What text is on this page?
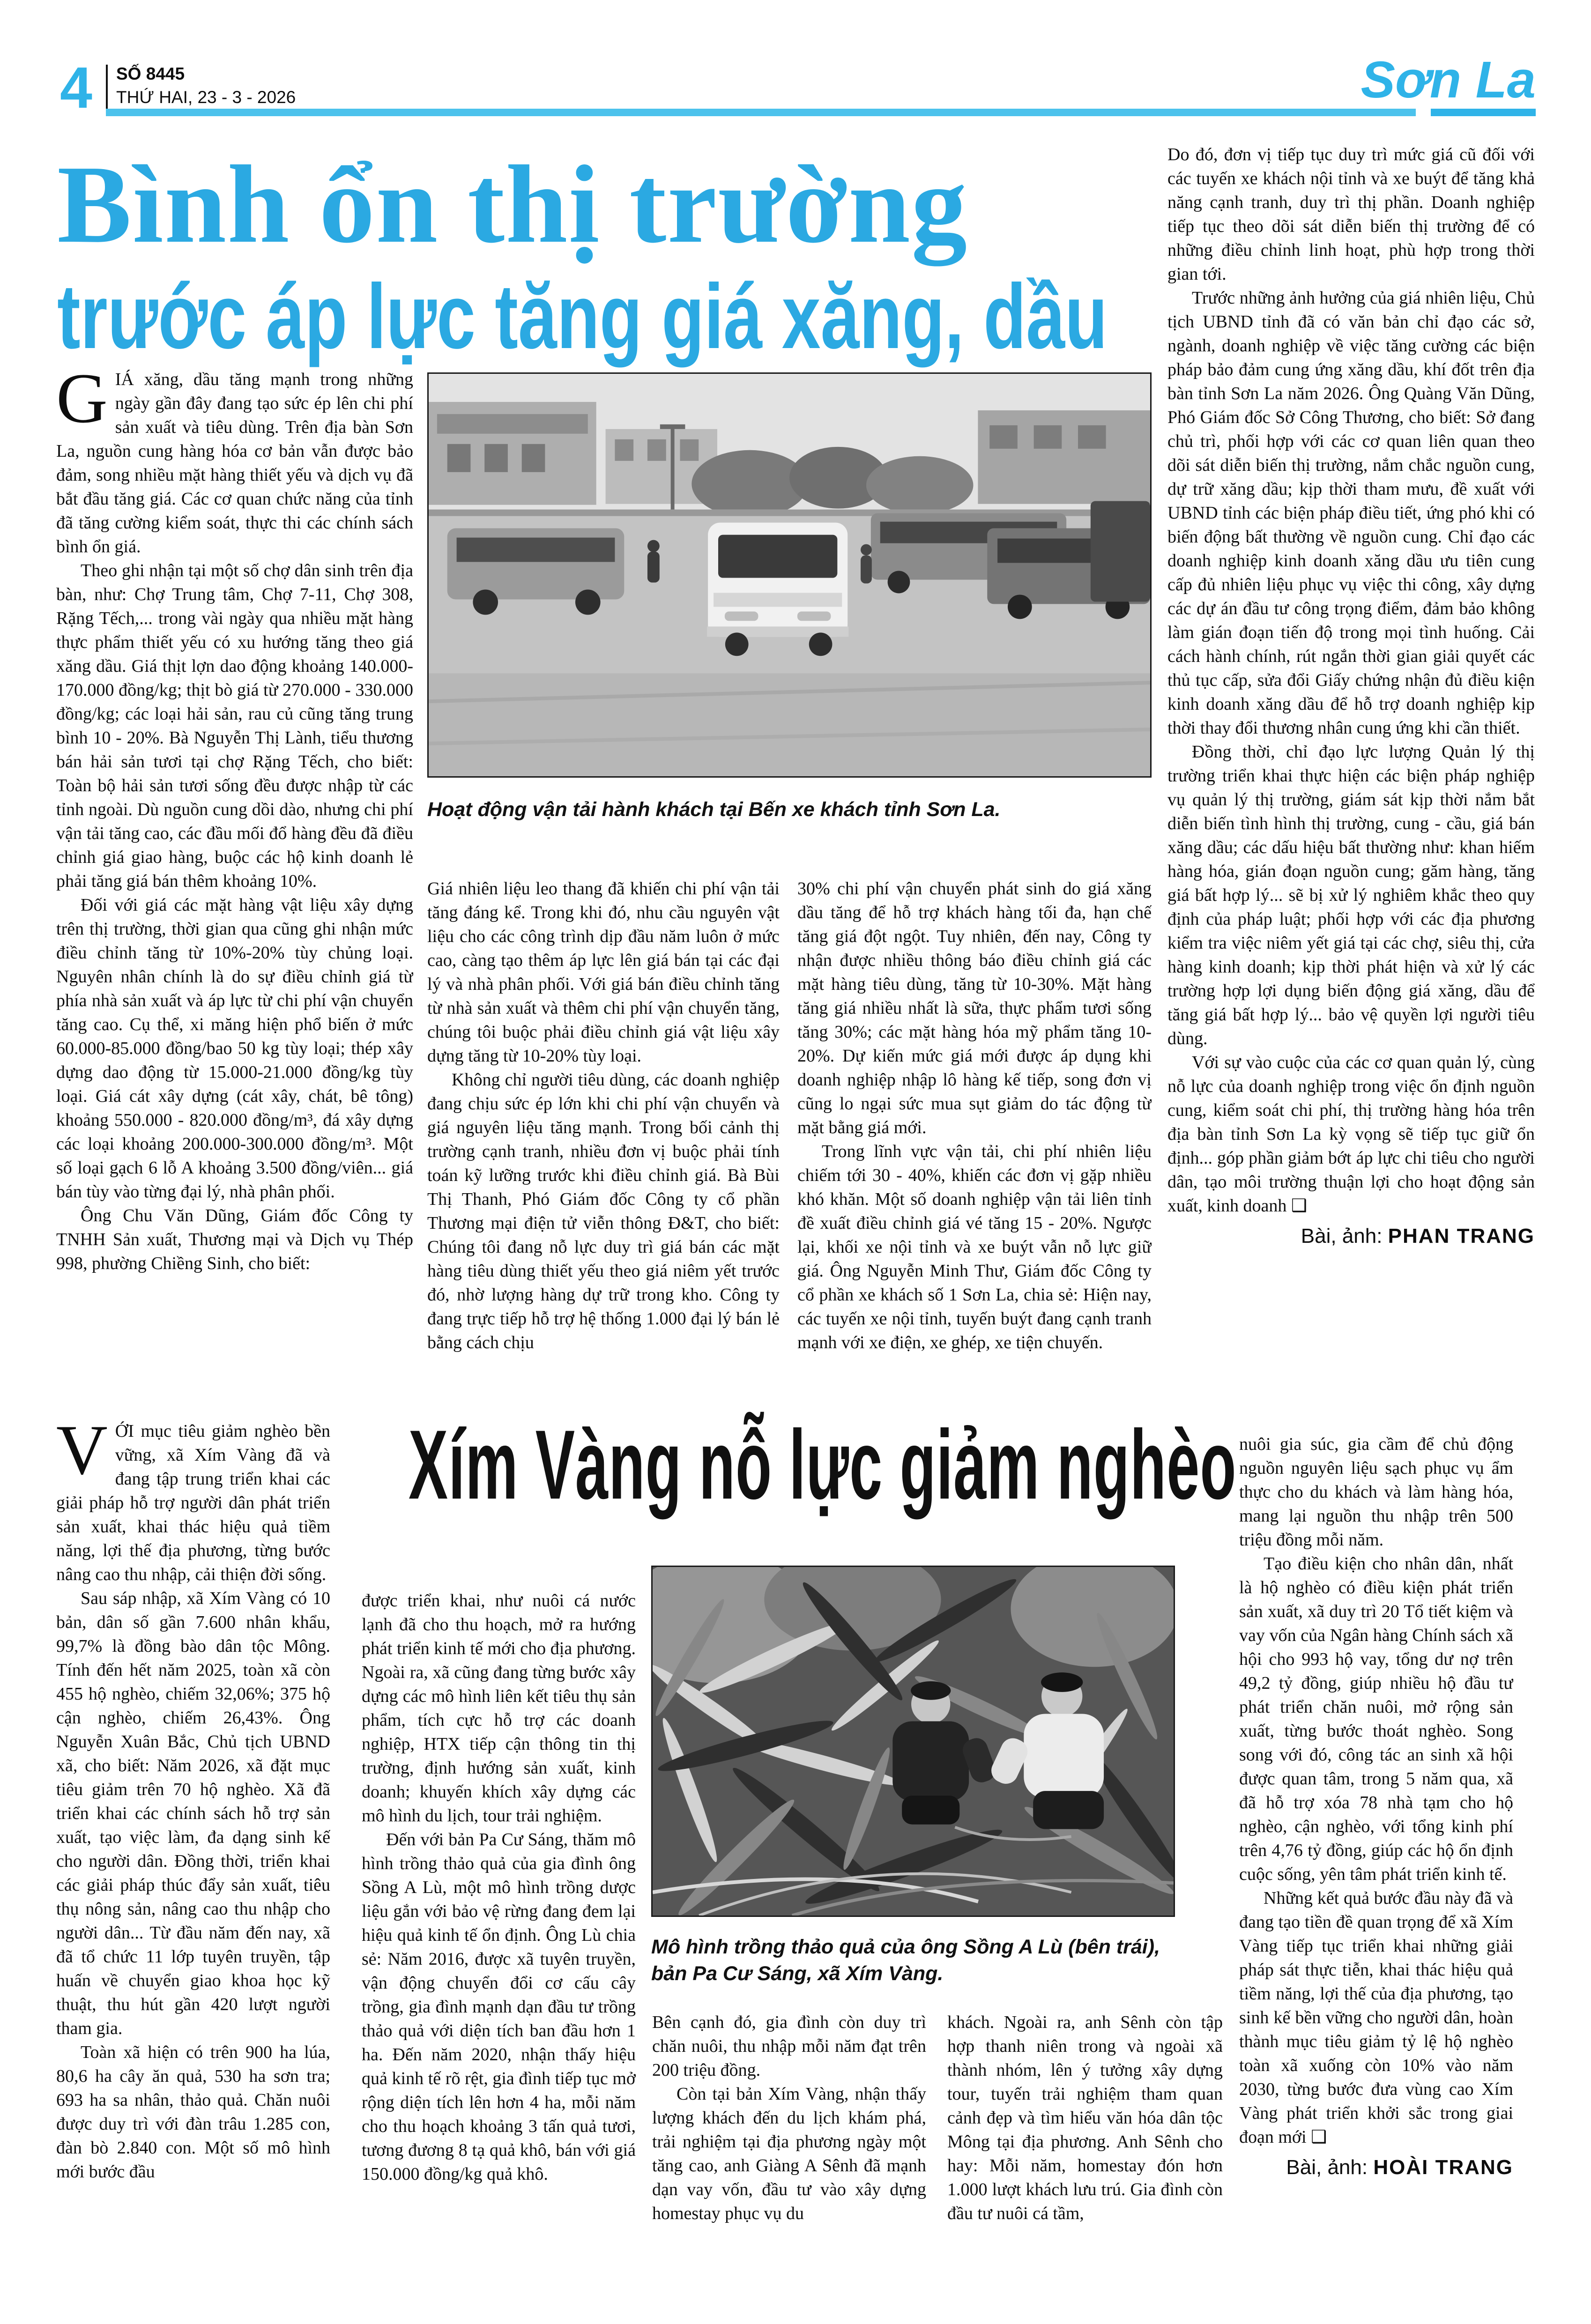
4 SỐ 8445
THỨ HAI, 23 - 3 - 2026	Sơn La
Bình ổn thị trường
trước áp lực tăng giá xăng, dầu

GIÁ xăng, dầu tăng mạnh trong những ngày gần đây đang tạo sức ép lên chi phí sản xuất và tiêu dùng. Trên địa bàn Sơn La, nguồn cung hàng hóa cơ bản vẫn được bảo đảm, song nhiều mặt hàng thiết yếu và dịch vụ đã bắt đầu tăng giá. Các cơ quan chức năng của tỉnh đã tăng cường kiểm soát, thực thi các chính sách bình ổn giá.

Theo ghi nhận tại một số chợ dân sinh trên địa bàn, như: Chợ Trung tâm, Chợ 7-11, Chợ 308, Rặng Tếch,... trong vài ngày qua nhiều mặt hàng thực phẩm thiết yếu có xu hướng tăng theo giá xăng dầu. Giá thịt lợn dao động khoảng 140.000-170.000 đồng/kg; thịt bò giá từ 270.000 - 330.000 đồng/kg; các loại hải sản, rau củ cũng tăng trung bình 10 - 20%. Bà Nguyễn Thị Lành, tiểu thương bán hải sản tươi tại chợ Rặng Tếch, cho biết: Toàn bộ hải sản tươi sống đều được nhập từ các tỉnh ngoài. Dù nguồn cung dồi dào, nhưng chi phí vận tải tăng cao, các đầu mối đổ hàng đều đã điều chỉnh giá giao hàng, buộc các hộ kinh doanh lẻ phải tăng giá bán thêm khoảng 10%.

Đối với giá các mặt hàng vật liệu xây dựng trên thị trường, thời gian qua cũng ghi nhận mức điều chỉnh tăng từ 10%-20% tùy chủng loại. Nguyên nhân chính là do sự điều chỉnh giá từ phía nhà sản xuất và áp lực từ chi phí vận chuyển tăng cao. Cụ thể, xi măng hiện phổ biến ở mức 60.000-85.000 đồng/bao 50 kg tùy loại; thép xây dựng dao động từ 15.000-21.000 đồng/kg tùy loại. Giá cát xây dựng (cát xây, chát, bê tông) khoảng 550.000 - 820.000 đồng/m³, đá xây dựng các loại khoảng 200.000-300.000 đồng/m³. Một số loại gạch 6 lỗ A khoảng 3.500 đồng/viên... giá bán tùy vào từng đại lý, nhà phân phối.

Ông Chu Văn Dũng, Giám đốc Công ty TNHH Sản xuất, Thương mại và Dịch vụ Thép 998, phường Chiềng Sinh, cho biết:

Hoạt động vận tải hành khách tại Bến xe khách tỉnh Sơn La.

Giá nhiên liệu leo thang đã khiến chi phí vận tải tăng đáng kể. Trong khi đó, nhu cầu nguyên vật liệu cho các công trình dịp đầu năm luôn ở mức cao, càng tạo thêm áp lực lên giá bán tại các đại lý và nhà phân phối. Với giá bán điều chỉnh tăng từ nhà sản xuất và thêm chi phí vận chuyển tăng, chúng tôi buộc phải điều chỉnh giá vật liệu xây dựng tăng từ 10-20% tùy loại.

Không chỉ người tiêu dùng, các doanh nghiệp đang chịu sức ép lớn khi chi phí vận chuyển và giá nguyên liệu tăng mạnh. Trong bối cảnh thị trường cạnh tranh, nhiều đơn vị buộc phải tính toán kỹ lưỡng trước khi điều chỉnh giá. Bà Bùi Thị Thanh, Phó Giám đốc Công ty cổ phần Thương mại điện tử viễn thông Đ&T, cho biết: Chúng tôi đang nỗ lực duy trì giá bán các mặt hàng tiêu dùng thiết yếu theo giá niêm yết trước đó, nhờ lượng hàng dự trữ trong kho. Công ty đang trực tiếp hỗ trợ hệ thống 1.000 đại lý bán lẻ bằng cách chịu

30% chi phí vận chuyển phát sinh do giá xăng dầu tăng để hỗ trợ khách hàng tối đa, hạn chế tăng giá đột ngột. Tuy nhiên, đến nay, Công ty nhận được nhiều thông báo điều chỉnh giá các mặt hàng tiêu dùng, tăng từ 10-30%. Mặt hàng tăng giá nhiều nhất là sữa, thực phẩm tươi sống tăng 30%; các mặt hàng hóa mỹ phẩm tăng 10-20%. Dự kiến mức giá mới được áp dụng khi doanh nghiệp nhập lô hàng kế tiếp, song đơn vị cũng lo ngại sức mua sụt giảm do tác động từ mặt bằng giá mới.

Trong lĩnh vực vận tải, chi phí nhiên liệu chiếm tới 30 - 40%, khiến các đơn vị gặp nhiều khó khăn. Một số doanh nghiệp vận tải liên tỉnh đề xuất điều chỉnh giá vé tăng 15 - 20%. Ngược lại, khối xe nội tỉnh và xe buýt vẫn nỗ lực giữ giá. Ông Nguyễn Minh Thư, Giám đốc Công ty cổ phần xe khách số 1 Sơn La, chia sẻ: Hiện nay, các tuyến xe nội tỉnh, tuyến buýt đang cạnh tranh mạnh với xe điện, xe ghép, xe tiện chuyến.

Do đó, đơn vị tiếp tục duy trì mức giá cũ đối với các tuyến xe khách nội tỉnh và xe buýt để tăng khả năng cạnh tranh, duy trì thị phần. Doanh nghiệp tiếp tục theo dõi sát diễn biến thị trường để có những điều chỉnh linh hoạt, phù hợp trong thời gian tới.

Trước những ảnh hưởng của giá nhiên liệu, Chủ tịch UBND tỉnh đã có văn bản chỉ đạo các sở, ngành, doanh nghiệp về việc tăng cường các biện pháp bảo đảm cung ứng xăng dầu, khí đốt trên địa bàn tỉnh Sơn La năm 2026. Ông Quàng Văn Dũng, Phó Giám đốc Sở Công Thương, cho biết: Sở đang chủ trì, phối hợp với các cơ quan liên quan theo dõi sát diễn biến thị trường, nắm chắc nguồn cung, dự trữ xăng dầu; kịp thời tham mưu, đề xuất với UBND tỉnh các biện pháp điều tiết, ứng phó khi có biến động bất thường về nguồn cung. Chỉ đạo các doanh nghiệp kinh doanh xăng dầu ưu tiên cung cấp đủ nhiên liệu phục vụ việc thi công, xây dựng các dự án đầu tư công trọng điểm, đảm bảo không làm gián đoạn tiến độ trong mọi tình huống. Cải cách hành chính, rút ngắn thời gian giải quyết các thủ tục cấp, sửa đổi Giấy chứng nhận đủ điều kiện kinh doanh xăng dầu để hỗ trợ doanh nghiệp kịp thời thay đổi thương nhân cung ứng khi cần thiết.

Đồng thời, chỉ đạo lực lượng Quản lý thị trường triển khai thực hiện các biện pháp nghiệp vụ quản lý thị trường, giám sát kịp thời nắm bắt diễn biến tình hình thị trường, cung - cầu, giá bán xăng dầu; các dấu hiệu bất thường như: khan hiếm hàng hóa, gián đoạn nguồn cung; găm hàng, tăng giá bất hợp lý... sẽ bị xử lý nghiêm khắc theo quy định của pháp luật; phối hợp với các địa phương kiểm tra việc niêm yết giá tại các chợ, siêu thị, cửa hàng kinh doanh; kịp thời phát hiện và xử lý các trường hợp lợi dụng biến động giá xăng, dầu để tăng giá bất hợp lý... bảo vệ quyền lợi người tiêu dùng.

Với sự vào cuộc của các cơ quan quản lý, cùng nỗ lực của doanh nghiệp trong việc ổn định nguồn cung, kiểm soát chi phí, thị trường hàng hóa trên địa bàn tỉnh Sơn La kỳ vọng sẽ tiếp tục giữ ổn định... góp phần giảm bớt áp lực chi tiêu cho người dân, tạo môi trường thuận lợi cho hoạt động sản xuất, kinh doanh ❑

Bài, ảnh: PHAN TRANG
Xím Vàng nỗ lực giảm nghèo

VỚI mục tiêu giảm nghèo bền vững, xã Xím Vàng đã và đang tập trung triển khai các giải pháp hỗ trợ người dân phát triển sản xuất, khai thác hiệu quả tiềm năng, lợi thế địa phương, từng bước nâng cao thu nhập, cải thiện đời sống.

Sau sáp nhập, xã Xím Vàng có 10 bản, dân số gần 7.600 nhân khẩu, 99,7% là đồng bào dân tộc Mông. Tính đến hết năm 2025, toàn xã còn 455 hộ nghèo, chiếm 32,06%; 375 hộ cận nghèo, chiếm 26,43%. Ông Nguyễn Xuân Bắc, Chủ tịch UBND xã, cho biết: Năm 2026, xã đặt mục tiêu giảm trên 70 hộ nghèo. Xã đã triển khai các chính sách hỗ trợ sản xuất, tạo việc làm, đa dạng sinh kế cho người dân. Đồng thời, triển khai các giải pháp thúc đẩy sản xuất, tiêu thụ nông sản, nâng cao thu nhập cho người dân... Từ đầu năm đến nay, xã đã tổ chức 11 lớp tuyên truyền, tập huấn về chuyển giao khoa học kỹ thuật, thu hút gần 420 lượt người tham gia.

Toàn xã hiện có trên 900 ha lúa, 80,6 ha cây ăn quả, 530 ha sơn tra; 693 ha sa nhân, thảo quả. Chăn nuôi được duy trì với đàn trâu 1.285 con, đàn bò 2.840 con. Một số mô hình mới bước đầu

được triển khai, như nuôi cá nước lạnh đã cho thu hoạch, mở ra hướng phát triển kinh tế mới cho địa phương. Ngoài ra, xã cũng đang từng bước xây dựng các mô hình liên kết tiêu thụ sản phẩm, tích cực hỗ trợ các doanh nghiệp, HTX tiếp cận thông tin thị trường, định hướng sản xuất, kinh doanh; khuyến khích xây dựng các mô hình du lịch, tour trải nghiệm.

Đến với bản Pa Cư Sáng, thăm mô hình trồng thảo quả của gia đình ông Sồng A Lù, một mô hình trồng dược liệu gắn với bảo vệ rừng đang đem lại hiệu quả kinh tế ổn định. Ông Lù chia sẻ: Năm 2016, được xã tuyên truyền, vận động chuyển đổi cơ cấu cây trồng, gia đình mạnh dạn đầu tư trồng thảo quả với diện tích ban đầu hơn 1 ha. Đến năm 2020, nhận thấy hiệu quả kinh tế rõ rệt, gia đình tiếp tục mở rộng diện tích lên hơn 4 ha, mỗi năm cho thu hoạch khoảng 3 tấn quả tươi, tương đương 8 tạ quả khô, bán với giá 150.000 đồng/kg quả khô.

Mô hình trồng thảo quả của ông Sồng A Lù (bên trái), bản Pa Cư Sáng, xã Xím Vàng.

Bên cạnh đó, gia đình còn duy trì chăn nuôi, thu nhập mỗi năm đạt trên 200 triệu đồng.

Còn tại bản Xím Vàng, nhận thấy lượng khách đến du lịch khám phá, trải nghiệm tại địa phương ngày một tăng cao, anh Giàng A Sênh đã mạnh dạn vay vốn, đầu tư vào xây dựng homestay phục vụ du

khách. Ngoài ra, anh Sênh còn tập hợp thanh niên trong và ngoài xã thành nhóm, lên ý tưởng xây dựng tour, tuyến trải nghiệm tham quan cảnh đẹp và tìm hiểu văn hóa dân tộc Mông tại địa phương. Anh Sênh cho hay: Mỗi năm, homestay đón hơn 1.000 lượt khách lưu trú. Gia đình còn đầu tư nuôi cá tầm,

nuôi gia súc, gia cầm để chủ động nguồn nguyên liệu sạch phục vụ ẩm thực cho du khách và làm hàng hóa, mang lại nguồn thu nhập trên 500 triệu đồng mỗi năm.

Tạo điều kiện cho nhân dân, nhất là hộ nghèo có điều kiện phát triển sản xuất, xã duy trì 20 Tổ tiết kiệm và vay vốn của Ngân hàng Chính sách xã hội cho 993 hộ vay, tổng dư nợ trên 49,2 tỷ đồng, giúp nhiều hộ đầu tư phát triển chăn nuôi, mở rộng sản xuất, từng bước thoát nghèo. Song song với đó, công tác an sinh xã hội được quan tâm, trong 5 năm qua, xã đã hỗ trợ xóa 78 nhà tạm cho hộ nghèo, cận nghèo, với tổng kinh phí trên 4,76 tỷ đồng, giúp các hộ ổn định cuộc sống, yên tâm phát triển kinh tế.

Những kết quả bước đầu này đã và đang tạo tiền đề quan trọng để xã Xím Vàng tiếp tục triển khai những giải pháp sát thực tiễn, khai thác hiệu quả tiềm năng, lợi thế của địa phương, tạo sinh kế bền vững cho người dân, hoàn thành mục tiêu giảm tỷ lệ hộ nghèo toàn xã xuống còn 10% vào năm 2030, từng bước đưa vùng cao Xím Vàng phát triển khởi sắc trong giai đoạn mới ❑

Bài, ảnh: HOÀI TRANG
